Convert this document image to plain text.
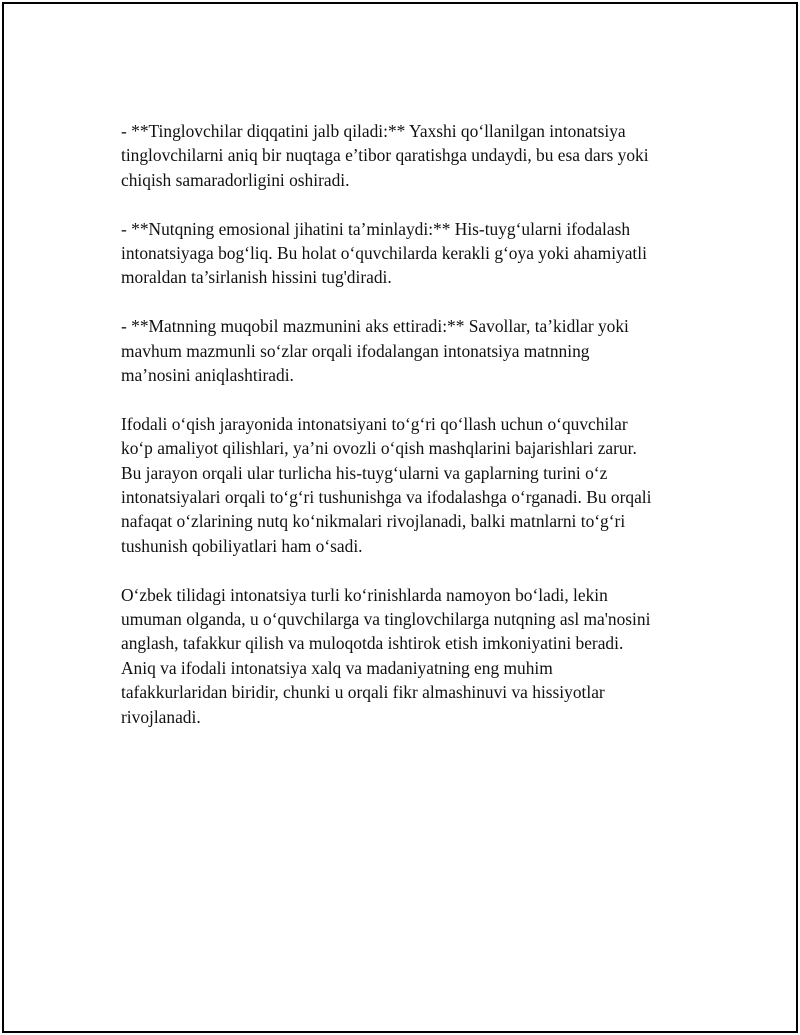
- **Tinglovchilar diqqatini jalb qiladi:** Yaxshi qo‘llanilgan intonatsiya
tinglovchilarni aniq bir nuqtaga e’tibor qaratishga undaydi, bu esa dars yoki
chiqish samaradorligini oshiradi.

- **Nutqning emosional jihatini ta’minlaydi:** His-tuyg‘ularni ifodalash
intonatsiyaga bog‘liq. Bu holat o‘quvchilarda kerakli g‘oya yoki ahamiyatli
moraldan ta’sirlanish hissini tug'diradi.

- **Matnning muqobil mazmunini aks ettiradi:** Savollar, ta’kidlar yoki
mavhum mazmunli so‘zlar orqali ifodalangan intonatsiya matnning
ma’nosini aniqlashtiradi.

Ifodali o‘qish jarayonida intonatsiyani to‘g‘ri qo‘llash uchun o‘quvchilar
ko‘p amaliyot qilishlari, ya’ni ovozli o‘qish mashqlarini bajarishlari zarur.
Bu jarayon orqali ular turlicha his-tuyg‘ularni va gaplarning turini o‘z
intonatsiyalari orqali to‘g‘ri tushunishga va ifodalashga o‘rganadi. Bu orqali
nafaqat o‘zlarining nutq ko‘nikmalari rivojlanadi, balki matnlarni to‘g‘ri
tushunish qobiliyatlari ham o‘sadi.

O‘zbek tilidagi intonatsiya turli ko‘rinishlarda namoyon bo‘ladi, lekin
umuman olganda, u o‘quvchilarga va tinglovchilarga nutqning asl ma'nosini
anglash, tafakkur qilish va muloqotda ishtirok etish imkoniyatini beradi.
Aniq va ifodali intonatsiya xalq va madaniyatning eng muhim
tafakkurlaridan biridir, chunki u orqali fikr almashinuvi va hissiyotlar
rivojlanadi.
